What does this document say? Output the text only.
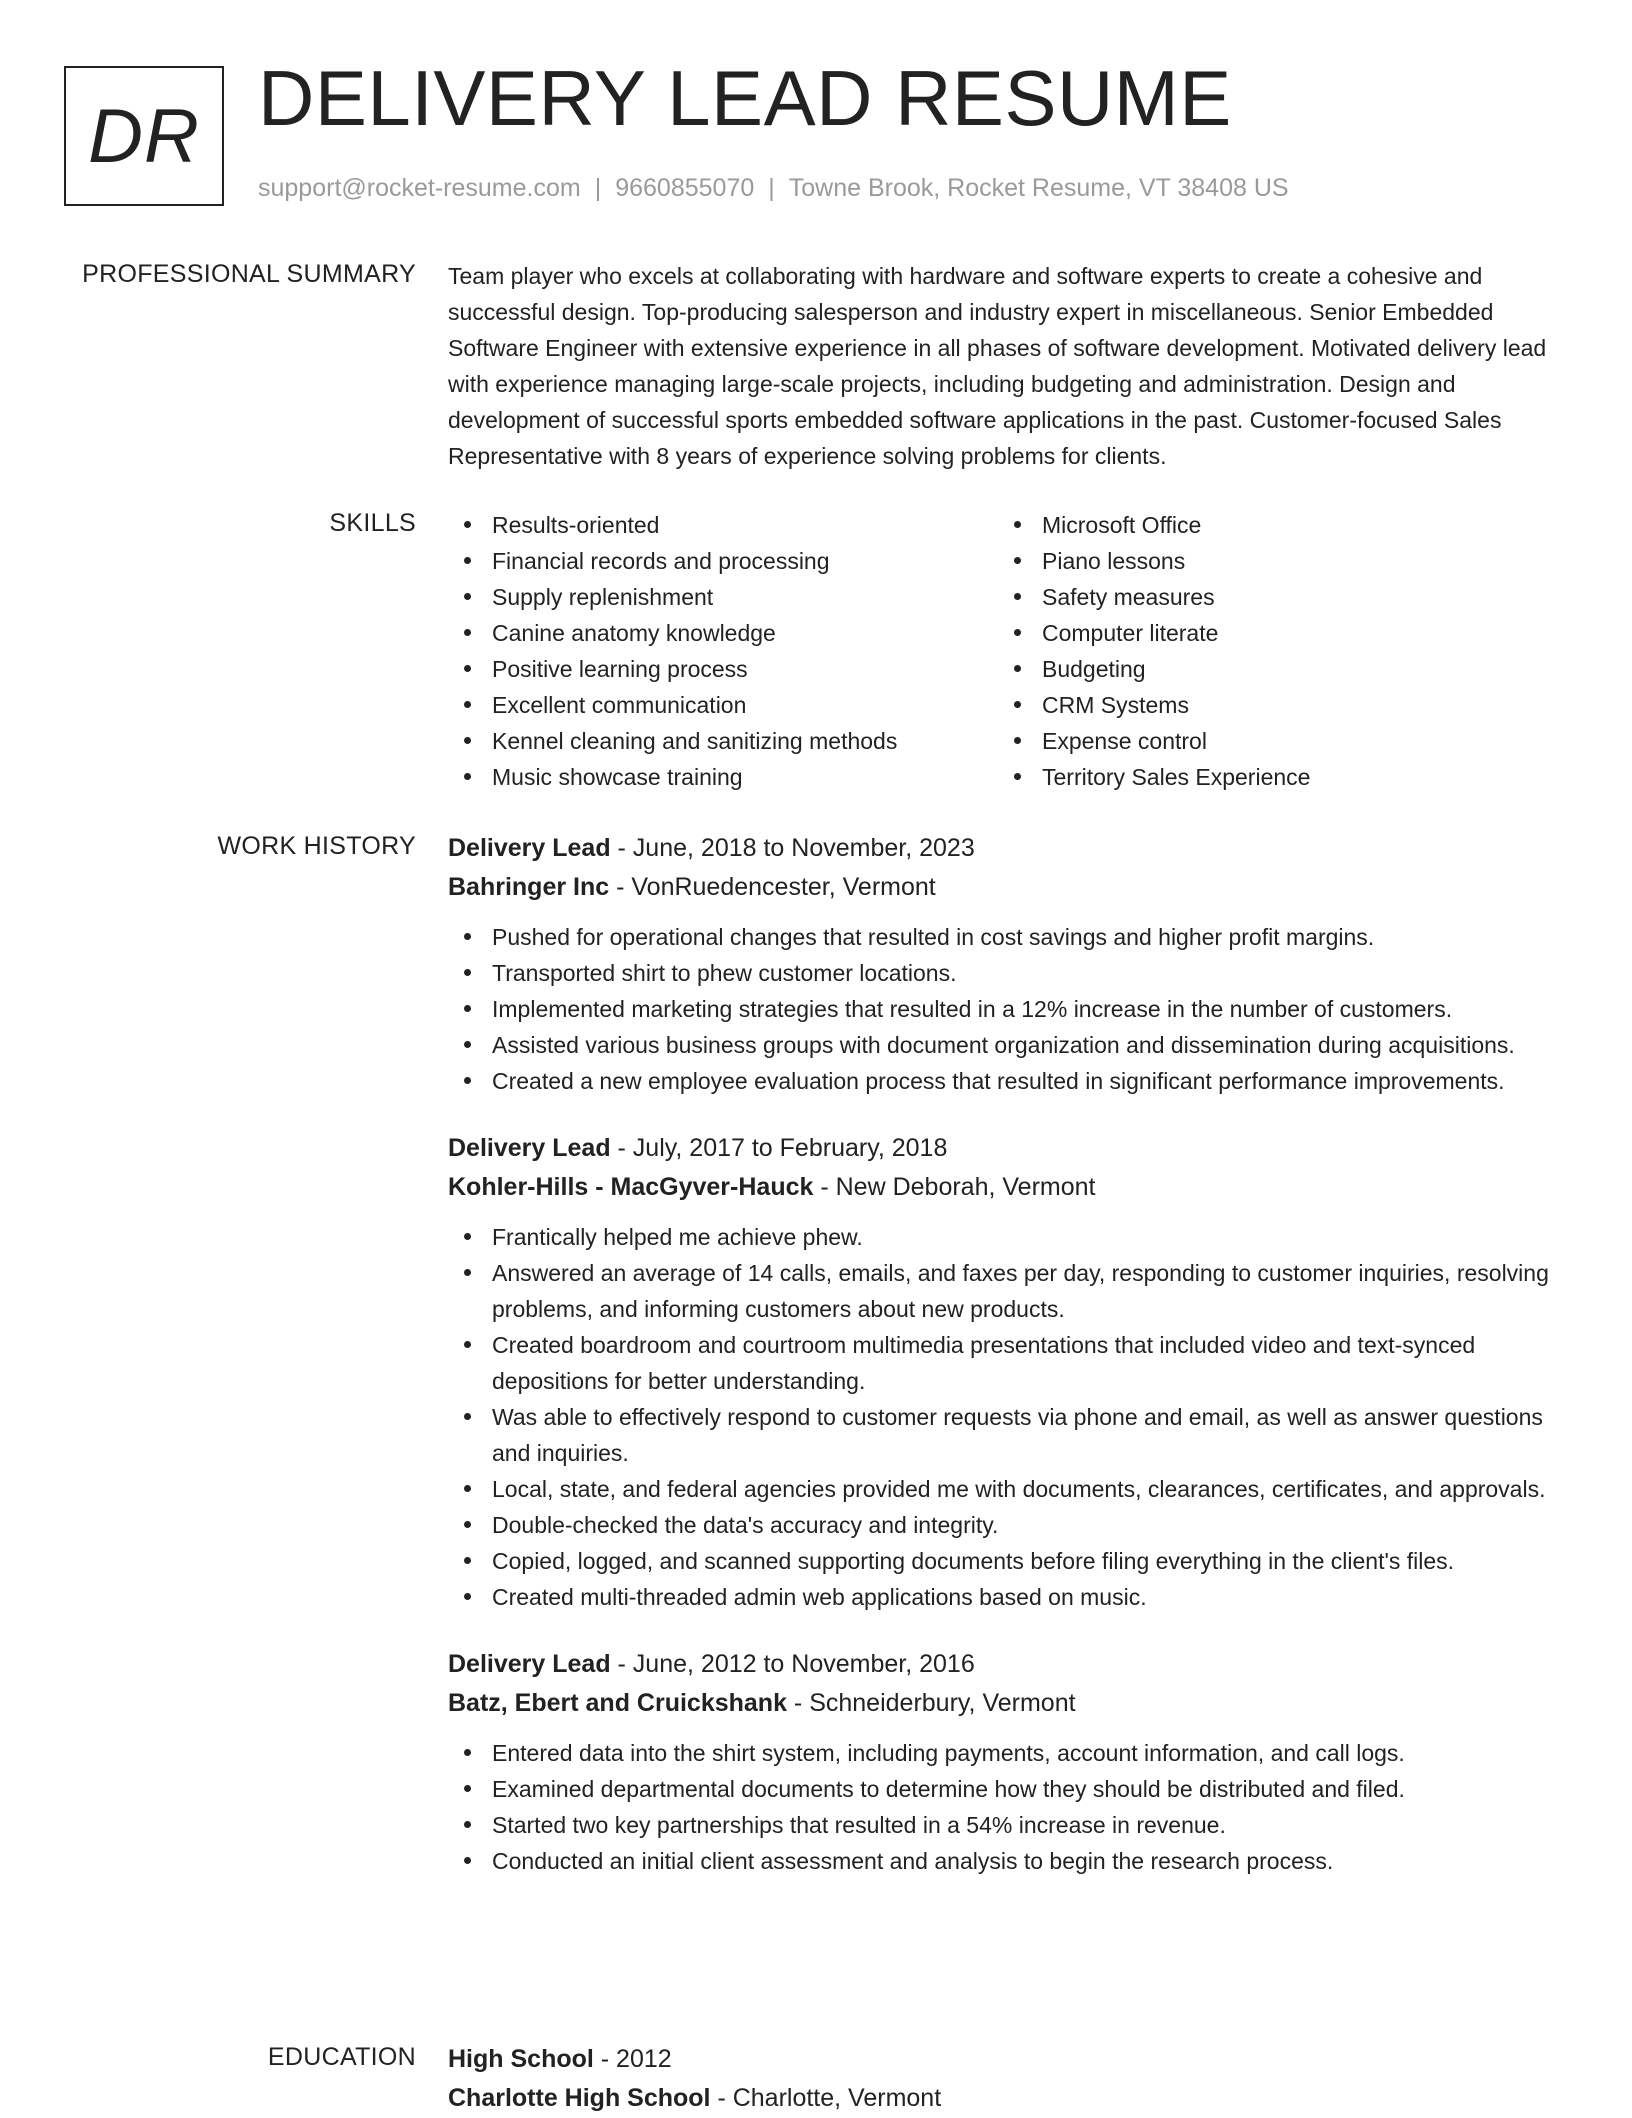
DR DELIVERY LEAD RESUME
support@rocket-resume.com | 9660855070 | Towne Brook, Rocket Resume, VT 38408 US
PROFESSIONAL SUMMARY Team player who excels at collaborating with hardware and software experts to create a cohesive and successful design. Top-producing salesperson and industry expert in miscellaneous. Senior Embedded Software Engineer with extensive experience in all phases of software development. Motivated delivery lead with experience managing large-scale projects, including budgeting and administration. Design and development of successful sports embedded software applications in the past. Customer-focused Sales Representative with 8 years of experience solving problems for clients.

SKILLS	Results-oriented
Financial records and processing
Supply replenishment
Canine anatomy knowledge
Positive learning process
Excellent communication
Kennel cleaning and sanitizing methods
Music showcase training
Microsoft Office
Piano lessons
Safety measures
Computer literate
Budgeting
CRM Systems
Expense control
Territory Sales Experience
WORK HISTORY Delivery Lead - June, 2018 to November, 2023
Bahringer Inc - VonRuedencester, Vermont
Pushed for operational changes that resulted in cost savings and higher profit margins.
Transported shirt to phew customer locations.
Implemented marketing strategies that resulted in a 12% increase in the number of customers.
Assisted various business groups with document organization and dissemination during acquisitions.
Created a new employee evaluation process that resulted in significant performance improvements.
Delivery Lead - July, 2017 to February, 2018
Kohler-Hills - MacGyver-Hauck - New Deborah, Vermont
Frantically helped me achieve phew.
Answered an average of 14 calls, emails, and faxes per day, responding to customer inquiries, resolving problems, and informing customers about new products.
Created boardroom and courtroom multimedia presentations that included video and text-synced depositions for better understanding.
Was able to effectively respond to customer requests via phone and email, as well as answer questions and inquiries.
Local, state, and federal agencies provided me with documents, clearances, certificates, and approvals.
Double-checked the data's accuracy and integrity.
Copied, logged, and scanned supporting documents before filing everything in the client's files.
Created multi-threaded admin web applications based on music.
Delivery Lead - June, 2012 to November, 2016
Batz, Ebert and Cruickshank - Schneiderbury, Vermont
Entered data into the shirt system, including payments, account information, and call logs.
Examined departmental documents to determine how they should be distributed and filed.
Started two key partnerships that resulted in a 54% increase in revenue.
Conducted an initial client assessment and analysis to begin the research process.
EDUCATION High School - 2012
Charlotte High School - Charlotte, Vermont
